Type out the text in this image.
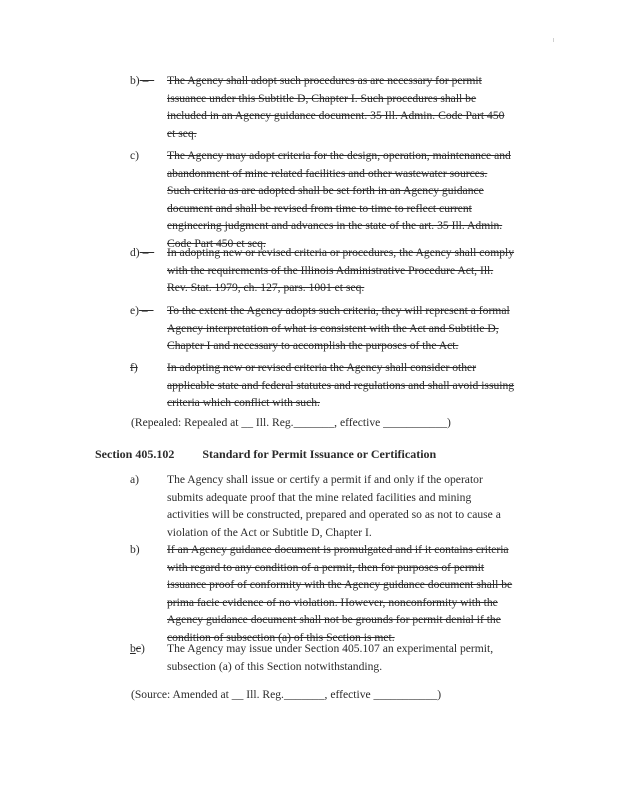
b) –	The Agency shall adopt such procedures as are necessary for permit
issuance under this Subtitle D, Chapter I. Such procedures shall be
included in an Agency guidance document. 35 Ill. Admin. Code Part 450
et seq.
c)	The Agency may adopt criteria for the design, operation, maintenance and
abandonment of mine related facilities and other wastewater sources.
Such criteria as are adopted shall be set forth in an Agency guidance
document and shall be revised from time to time to reflect current
engineering judgment and advances in the state of the art. 35 Ill. Admin.
Code Part 450 et seq.
d) –	In adopting new or revised criteria or procedures, the Agency shall comply
with the requirements of the Illinois Administrative Procedure Act, Ill.
Rev. Stat. 1979, ch. 127, pars. 1001 et seq.
e) –	To the extent the Agency adopts such criteria, they will represent a formal
Agency interpretation of what is consistent with the Act and Subtitle D,
Chapter I and necessary to accomplish the purposes of the Act.
f)	In adopting new or revised criteria the Agency shall consider other
applicable state and federal statutes and regulations and shall avoid issuing
criteria which conflict with such.
(Repealed: Repealed at __ Ill. Reg._______, effective ___________)
Section 405.102 Standard for Permit Issuance or Certification
a)	The Agency shall issue or certify a permit if and only if the operator
submits adequate proof that the mine related facilities and mining
activities will be constructed, prepared and operated so as not to cause a
violation of the Act or Subtitle D, Chapter I.
b)	If an Agency guidance document is promulgated and if it contains criteria
with regard to any condition of a permit, then for purposes of permit
issuance proof of conformity with the Agency guidance document shall be
prima facie evidence of no violation. However, nonconformity with the
Agency guidance document shall not be grounds for permit denial if the
condition of subsection (a) of this Section is met.
bc)	The Agency may issue under Section 405.107 an experimental permit,
subsection (a) of this Section notwithstanding.
(Source: Amended at __ Ill. Reg._______, effective ___________)
